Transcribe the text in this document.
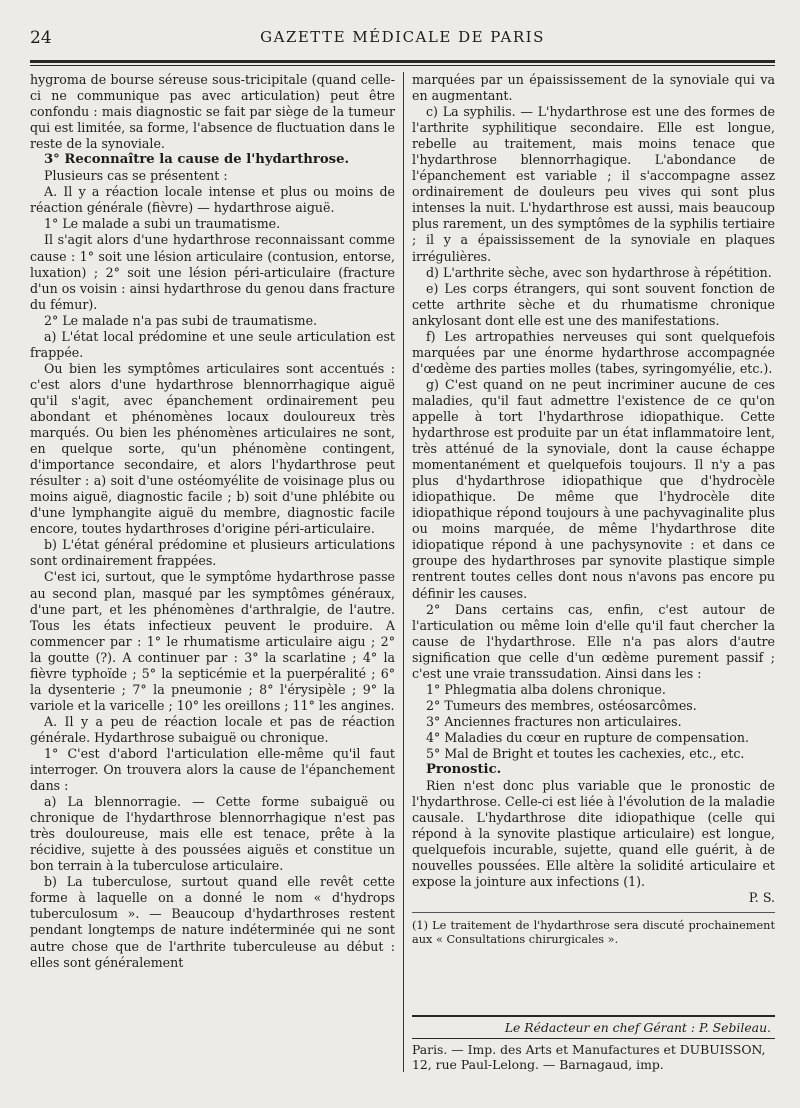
24	GAZETTE MÉDICALE DE PARIS

hygroma de bourse séreuse sous-tricipitale (quand celle-ci ne communique pas avec articulation) peut être confondu : mais diagnostic se fait par siège de la tumeur qui est limitée, sa forme, l'absence de fluctuation dans le reste de la synoviale.

3° Reconnaître la cause de l'hydarthrose.

Plusieurs cas se présentent :

A. Il y a réaction locale intense et plus ou moins de réaction générale (fièvre) — hydarthrose aiguë.

1° Le malade a subi un traumatisme.

Il s'agit alors d'une hydarthrose reconnaissant comme cause : 1° soit une lésion articulaire (contusion, entorse, luxation) ; 2° soit une lésion péri-articulaire (fracture d'un os voisin : ainsi hydarthrose du genou dans fracture du fémur).

2° Le malade n'a pas subi de traumatisme.

a) L'état local prédomine et une seule articulation est frappée.

Ou bien les symptômes articulaires sont accentués : c'est alors d'une hydarthrose blennorrhagique aiguë qu'il s'agit, avec épanchement ordinairement peu abondant et phénomènes locaux douloureux très marqués. Ou bien les phénomènes articulaires ne sont, en quelque sorte, qu'un phénomène contingent, d'importance secondaire, et alors l'hydarthrose peut résulter : a) soit d'une ostéomyélite de voisinage plus ou moins aiguë, diagnostic facile ; b) soit d'une phlébite ou d'une lymphangite aiguë du membre, diagnostic facile encore, toutes hydarthroses d'origine péri-articulaire.

b) L'état général prédomine et plusieurs articulations sont ordinairement frappées.

C'est ici, surtout, que le symptôme hydarthrose passe au second plan, masqué par les symptômes généraux, d'une part, et les phénomènes d'arthralgie, de l'autre. Tous les états infectieux peuvent le produire. A commencer par : 1° le rhumatisme articulaire aigu ; 2° la goutte (?). A continuer par : 3° la scarlatine ; 4° la fièvre typhoïde ; 5° la septicémie et la puerpéralité ; 6° la dysenterie ; 7° la pneumonie ; 8° l'érysipèle ; 9° la variole et la varicelle ; 10° les oreillons ; 11° les angines.

A. Il y a peu de réaction locale et pas de réaction générale. Hydarthrose subaiguë ou chronique.

1° C'est d'abord l'articulation elle-même qu'il faut interroger. On trouvera alors la cause de l'épanchement dans :

a) La blennorragie. — Cette forme subaiguë ou chronique de l'hydarthrose blennorrhagique n'est pas très douloureuse, mais elle est tenace, prête à la récidive, sujette à des poussées aiguës et constitue un bon terrain à la tuberculose articulaire.

b) La tuberculose, surtout quand elle revêt cette forme à laquelle on a donné le nom « d'hydrops tuberculosum ». — Beaucoup d'hydarthroses restent pendant longtemps de nature indéterminée qui ne sont autre chose que de l'arthrite tuberculeuse au début : elles sont généralement

marquées par un épaississement de la synoviale qui va en augmentant.

c) La syphilis. — L'hydarthrose est une des formes de l'arthrite syphilitique secondaire. Elle est longue, rebelle au traitement, mais moins tenace que l'hydarthrose blennorrhagique. L'abondance de l'épanchement est variable ; il s'accompagne assez ordinairement de douleurs peu vives qui sont plus intenses la nuit. L'hydarthrose est aussi, mais beaucoup plus rarement, un des symptômes de la syphilis tertiaire ; il y a épaississement de la synoviale en plaques irrégulières.

d) L'arthrite sèche, avec son hydarthrose à répétition.

e) Les corps étrangers, qui sont souvent fonction de cette arthrite sèche et du rhumatisme chronique ankylosant dont elle est une des manifestations.

f) Les artropathies nerveuses qui sont quelquefois marquées par une énorme hydarthrose accompagnée d'œdème des parties molles (tabes, syringomyélie, etc.).

g) C'est quand on ne peut incriminer aucune de ces maladies, qu'il faut admettre l'existence de ce qu'on appelle à tort l'hydarthrose idiopathique. Cette hydarthrose est produite par un état inflammatoire lent, très atténué de la synoviale, dont la cause échappe momentanément et quelquefois toujours. Il n'y a pas plus d'hydarthrose idiopathique que d'hydrocèle idiopathique. De même que l'hydrocèle dite idiopathique répond toujours à une pachyvaginalite plus ou moins marquée, de même l'hydarthrose dite idiopatique répond à une pachysynovite : et dans ce groupe des hydarthroses par synovite plastique simple rentrent toutes celles dont nous n'avons pas encore pu définir les causes.

2° Dans certains cas, enfin, c'est autour de l'articulation ou même loin d'elle qu'il faut chercher la cause de l'hydarthrose. Elle n'a pas alors d'autre signification que celle d'un œdème purement passif ; c'est une vraie transsudation. Ainsi dans les :

1° Phlegmatia alba dolens chronique.

2° Tumeurs des membres, ostéosarcômes.

3° Anciennes fractures non articulaires.

4° Maladies du cœur en rupture de compensation.

5° Mal de Bright et toutes les cachexies, etc., etc.

Pronostic.

Rien n'est donc plus variable que le pronostic de l'hydarthrose. Celle-ci est liée à l'évolution de la maladie causale. L'hydarthrose dite idiopathique (celle qui répond à la synovite plastique articulaire) est longue, quelquefois incurable, sujette, quand elle guérit, à de nouvelles poussées. Elle altère la solidité articulaire et expose la jointure aux infections (1).

P. S.

(1) Le traitement de l'hydarthrose sera discuté prochainement aux « Consultations chirurgicales ».

Le Rédacteur en chef Gérant : P. Sebileau.
Paris. — Imp. des Arts et Manufactures et DUBUISSON, 12, rue Paul-Lelong. — Barnagaud, imp.
